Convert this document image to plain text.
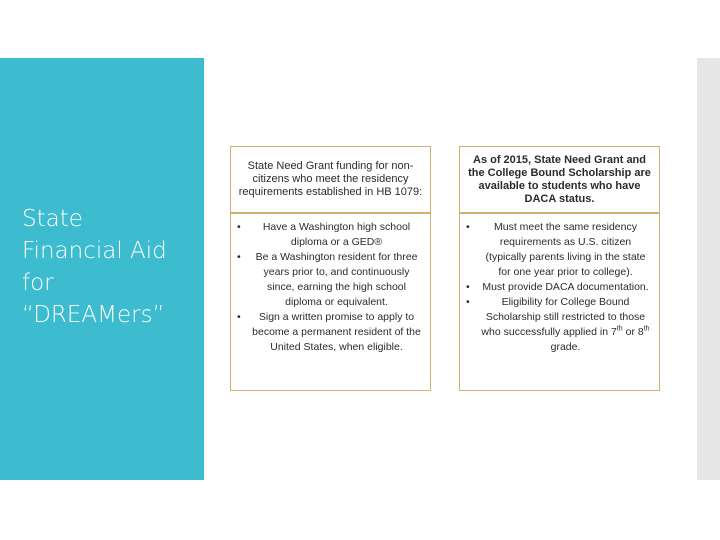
State
Financial Aid
for
“DREAMers”
State Need Grant funding for non-citizens who meet the residency requirements established in HB 1079:
• Have a Washington high school diploma or a GED®
• Be a Washington resident for three years prior to, and continuously since, earning the high school diploma or equivalent.
• Sign a written promise to apply to become a permanent resident of the United States, when eligible.
As of 2015, State Need Grant and the College Bound Scholarship are available to students who have DACA status.
• Must meet the same residency requirements as U.S. citizen (typically parents living in the state for one year prior to college).
• Must provide DACA documentation.
• Eligibility for College Bound Scholarship still restricted to those who successfully applied in 7th or 8th grade.
